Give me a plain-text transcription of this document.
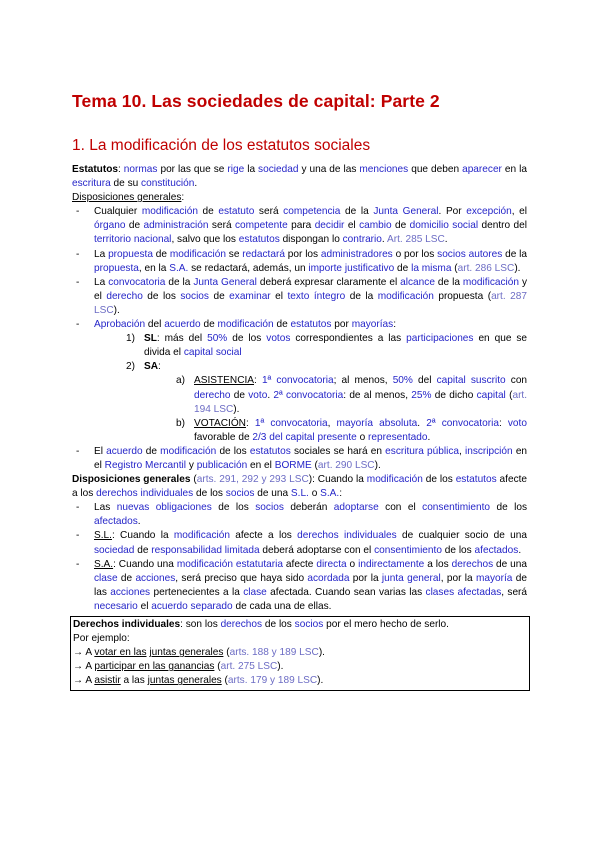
Tema 10. Las sociedades de capital: Parte 2
1. La modificación de los estatutos sociales

Estatutos: normas por las que se rige la sociedad y una de las menciones que deben aparecer en la escritura de su constitución.

Disposiciones generales:

- Cualquier modificación de estatuto será competencia de la Junta General. Por excepción, el órgano de administración será competente para decidir el cambio de domicilio social dentro del territorio nacional, salvo que los estatutos dispongan lo contrario. Art. 285 LSC.
- La propuesta de modificación se redactará por los administradores o por los socios autores de la propuesta, en la S.A. se redactará, además, un importe justificativo de la misma (art. 286 LSC).
- La convocatoria de la Junta General deberá expresar claramente el alcance de la modificación y el derecho de los socios de examinar el texto íntegro de la modificación propuesta (art. 287 LSC).
- Aprobación del acuerdo de modificación de estatutos por mayorías:
1) SL: más del 50% de los votos correspondientes a las participaciones en que se divida el capital social
2) SA:
a) ASISTENCIA: 1ª convocatoria; al menos, 50% del capital suscrito con derecho de voto. 2ª convocatoria: de al menos, 25% de dicho capital (art. 194 LSC).
b) VOTACIÓN: 1ª convocatoria, mayoría absoluta. 2ª convocatoria: voto favorable de 2/3 del capital presente o representado.
- El acuerdo de modificación de los estatutos sociales se hará en escritura pública, inscripción en el Registro Mercantil y publicación en el BORME (art. 290 LSC).

Disposiciones generales (arts. 291, 292 y 293 LSC): Cuando la modificación de los estatutos afecte a los derechos individuales de los socios de una S.L. o S.A.:

- Las nuevas obligaciones de los socios deberán adoptarse con el consentimiento de los afectados.
- S.L.: Cuando la modificación afecte a los derechos individuales de cualquier socio de una sociedad de responsabilidad limitada deberá adoptarse con el consentimiento de los afectados.
- S.A.: Cuando una modificación estatutaria afecte directa o indirectamente a los derechos de una clase de acciones, será preciso que haya sido acordada por la junta general, por la mayoría de las acciones pertenecientes a la clase afectada. Cuando sean varias las clases afectadas, será necesario el acuerdo separado de cada una de ellas.

Derechos individuales: son los derechos de los socios por el mero hecho de serlo.

Por ejemplo:

→ A votar en las juntas generales (arts. 188 y 189 LSC).

→ A participar en las ganancias (art. 275 LSC).

→ A asistir a las juntas generales (arts. 179 y 189 LSC).
